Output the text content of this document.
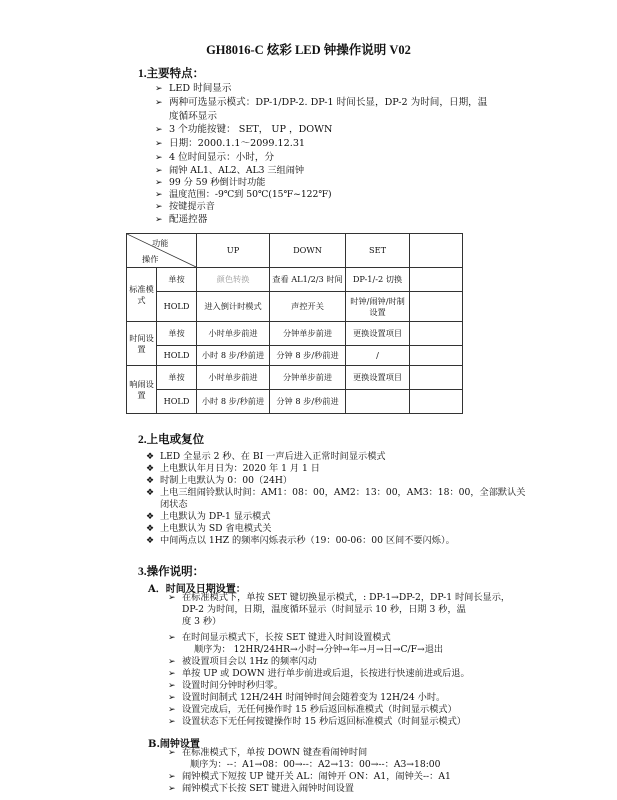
GH8016-C 炫彩 LED 钟操作说明 V02
1.主要特点：
➢ LED 时间显示
➢ 两种可选显示模式：DP-1/DP-2. DP-1 时间长显，DP-2 为时间，日期，温
度循环显示
➢ 3 个功能按键： SET， UP ，DOWN
➢ 日期：2000.1.1～2099.12.31
➢ 4 位时间显示：小时，分
➢ 闹钟 AL1、AL2、AL3 三组闹钟
➢ 99 分 59 秒倒计时功能
➢ 温度范围：-9℃到 50℃(15℉~122℉)
➢ 按键提示音
➢ 配遥控器
功能
操作		UP	DOWN	SET	
标准模式	单按	颜色转换	查看 AL1/2/3 时间	DP-1/-2 切换	
	HOLD	进入倒计时模式	声控开关	时钟/闹钟/时制设置	
时间设置	单按	小时单步前进	分钟单步前进	更换设置项目	
	HOLD	小时 8 步/秒前进	分钟 8 步/秒前进	/	
响闹设置	单按	小时单步前进	分钟单步前进	更换设置项目	
	HOLD	小时 8 步/秒前进	分钟 8 步/秒前进		
2.上电或复位
❖ LED 全显示 2 秒、在 BI 一声后进入正常时间显示模式
❖ 上电默认年月日为：2020 年 1 月 1 日
❖ 时制上电默认为 0：00（24H）
❖ 上电三组闹铃默认时间：AM1：08：00，AM2：13：00，AM3：18：00，全部默认关
闭状态
❖ 上电默认为 DP-1 显示模式
❖ 上电默认为 SD 省电模式关
❖ 中间两点以 1HZ 的频率闪烁表示秒（19：00-06：00 区间不要闪烁）。
3.操作说明：
A．时间及日期设置：
➢ 在标准模式下，单按 SET 键切换显示模式，: DP-1→DP-2，DP-1 时间长显示，
DP-2 为时间，日期，温度循环显示（时间显示 10 秒，日期 3 秒，温
度 3 秒）
➢ 在时间显示模式下，长按 SET 键进入时间设置模式
顺序为： 12HR/24HR→小时→分钟→年→月→日→C/F→退出
➢ 被设置项目会以 1Hz 的频率闪动
➢ 单按 UP 或 DOWN 进行单步前进或后退，长按进行快速前进或后退。
➢ 设置时间分钟时秒归零。
➢ 设置时间制式 12H/24H 时闹钟时间会随着变为 12H/24 小时。
➢ 设置完成后，无任何操作时 15 秒后返回标准模式（时间显示模式）
➢ 设置状态下无任何按键操作时 15 秒后返回标准模式（时间显示模式）
B.闹钟设置
➢ 在标准模式下，单按 DOWN 键查看闹钟时间
顺序为：--：A1→08：00→--：A2→13：00→--：A3→18:00
➢ 闹钟模式下短按 UP 键开关 AL：闹钟开 ON：A1，闹钟关--：A1
➢ 闹钟模式下长按 SET 键进入闹钟时间设置
